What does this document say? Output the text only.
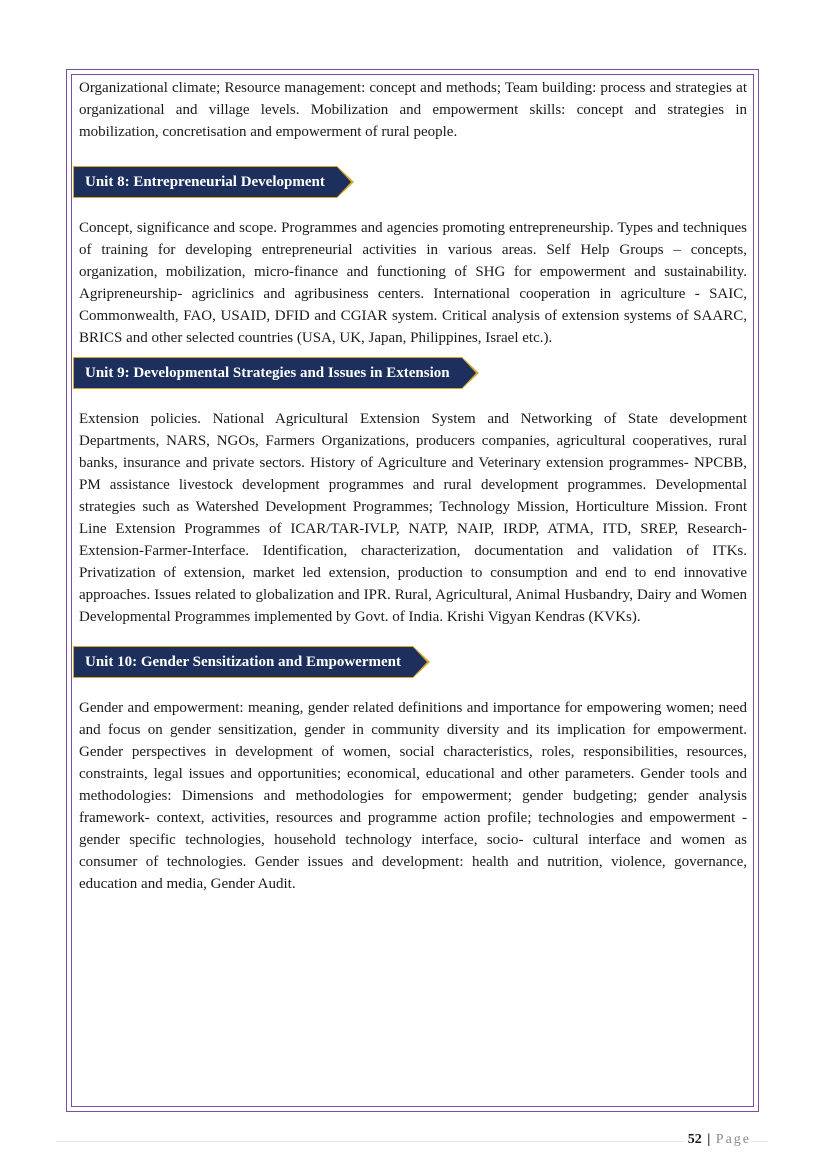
Organizational climate; Resource management: concept and methods; Team building: process and strategies at organizational and village levels. Mobilization and empowerment skills: concept and strategies in mobilization, concretisation and empowerment of rural people.

Unit 8: Entrepreneurial Development

Concept, significance and scope. Programmes and agencies promoting entrepreneurship. Types and techniques of training for developing entrepreneurial activities in various areas. Self Help Groups – concepts, organization, mobilization, micro-finance and functioning of SHG for empowerment and sustainability. Agripreneurship- agriclinics and agribusiness centers. International cooperation in agriculture - SAIC, Commonwealth, FAO, USAID, DFID and CGIAR system. Critical analysis of extension systems of SAARC, BRICS and other selected countries (USA, UK, Japan, Philippines, Israel etc.).

Unit 9: Developmental Strategies and Issues in Extension

Extension policies. National Agricultural Extension System and Networking of State development Departments, NARS, NGOs, Farmers Organizations, producers companies, agricultural cooperatives, rural banks, insurance and private sectors. History of Agriculture and Veterinary extension programmes- NPCBB, PM assistance livestock development programmes and rural development programmes. Developmental strategies such as Watershed Development Programmes; Technology Mission, Horticulture Mission. Front Line Extension Programmes of ICAR/TAR-IVLP, NATP, NAIP, IRDP, ATMA, ITD, SREP, Research-Extension-Farmer-Interface. Identification, characterization, documentation and validation of ITKs. Privatization of extension, market led extension, production to consumption and end to end innovative approaches. Issues related to globalization and IPR. Rural, Agricultural, Animal Husbandry, Dairy and Women Developmental Programmes implemented by Govt. of India. Krishi Vigyan Kendras (KVKs).

Unit 10: Gender Sensitization and Empowerment

Gender and empowerment: meaning, gender related definitions and importance for empowering women; need and focus on gender sensitization, gender in community diversity and its implication for empowerment. Gender perspectives in development of women, social characteristics, roles, responsibilities, resources, constraints, legal issues and opportunities; economical, educational and other parameters. Gender tools and methodologies: Dimensions and methodologies for empowerment; gender budgeting; gender analysis framework- context, activities, resources and programme action profile; technologies and empowerment - gender specific technologies, household technology interface, socio- cultural interface and women as consumer of technologies. Gender issues and development: health and nutrition, violence, governance, education and media, Gender Audit.

52 | Page
